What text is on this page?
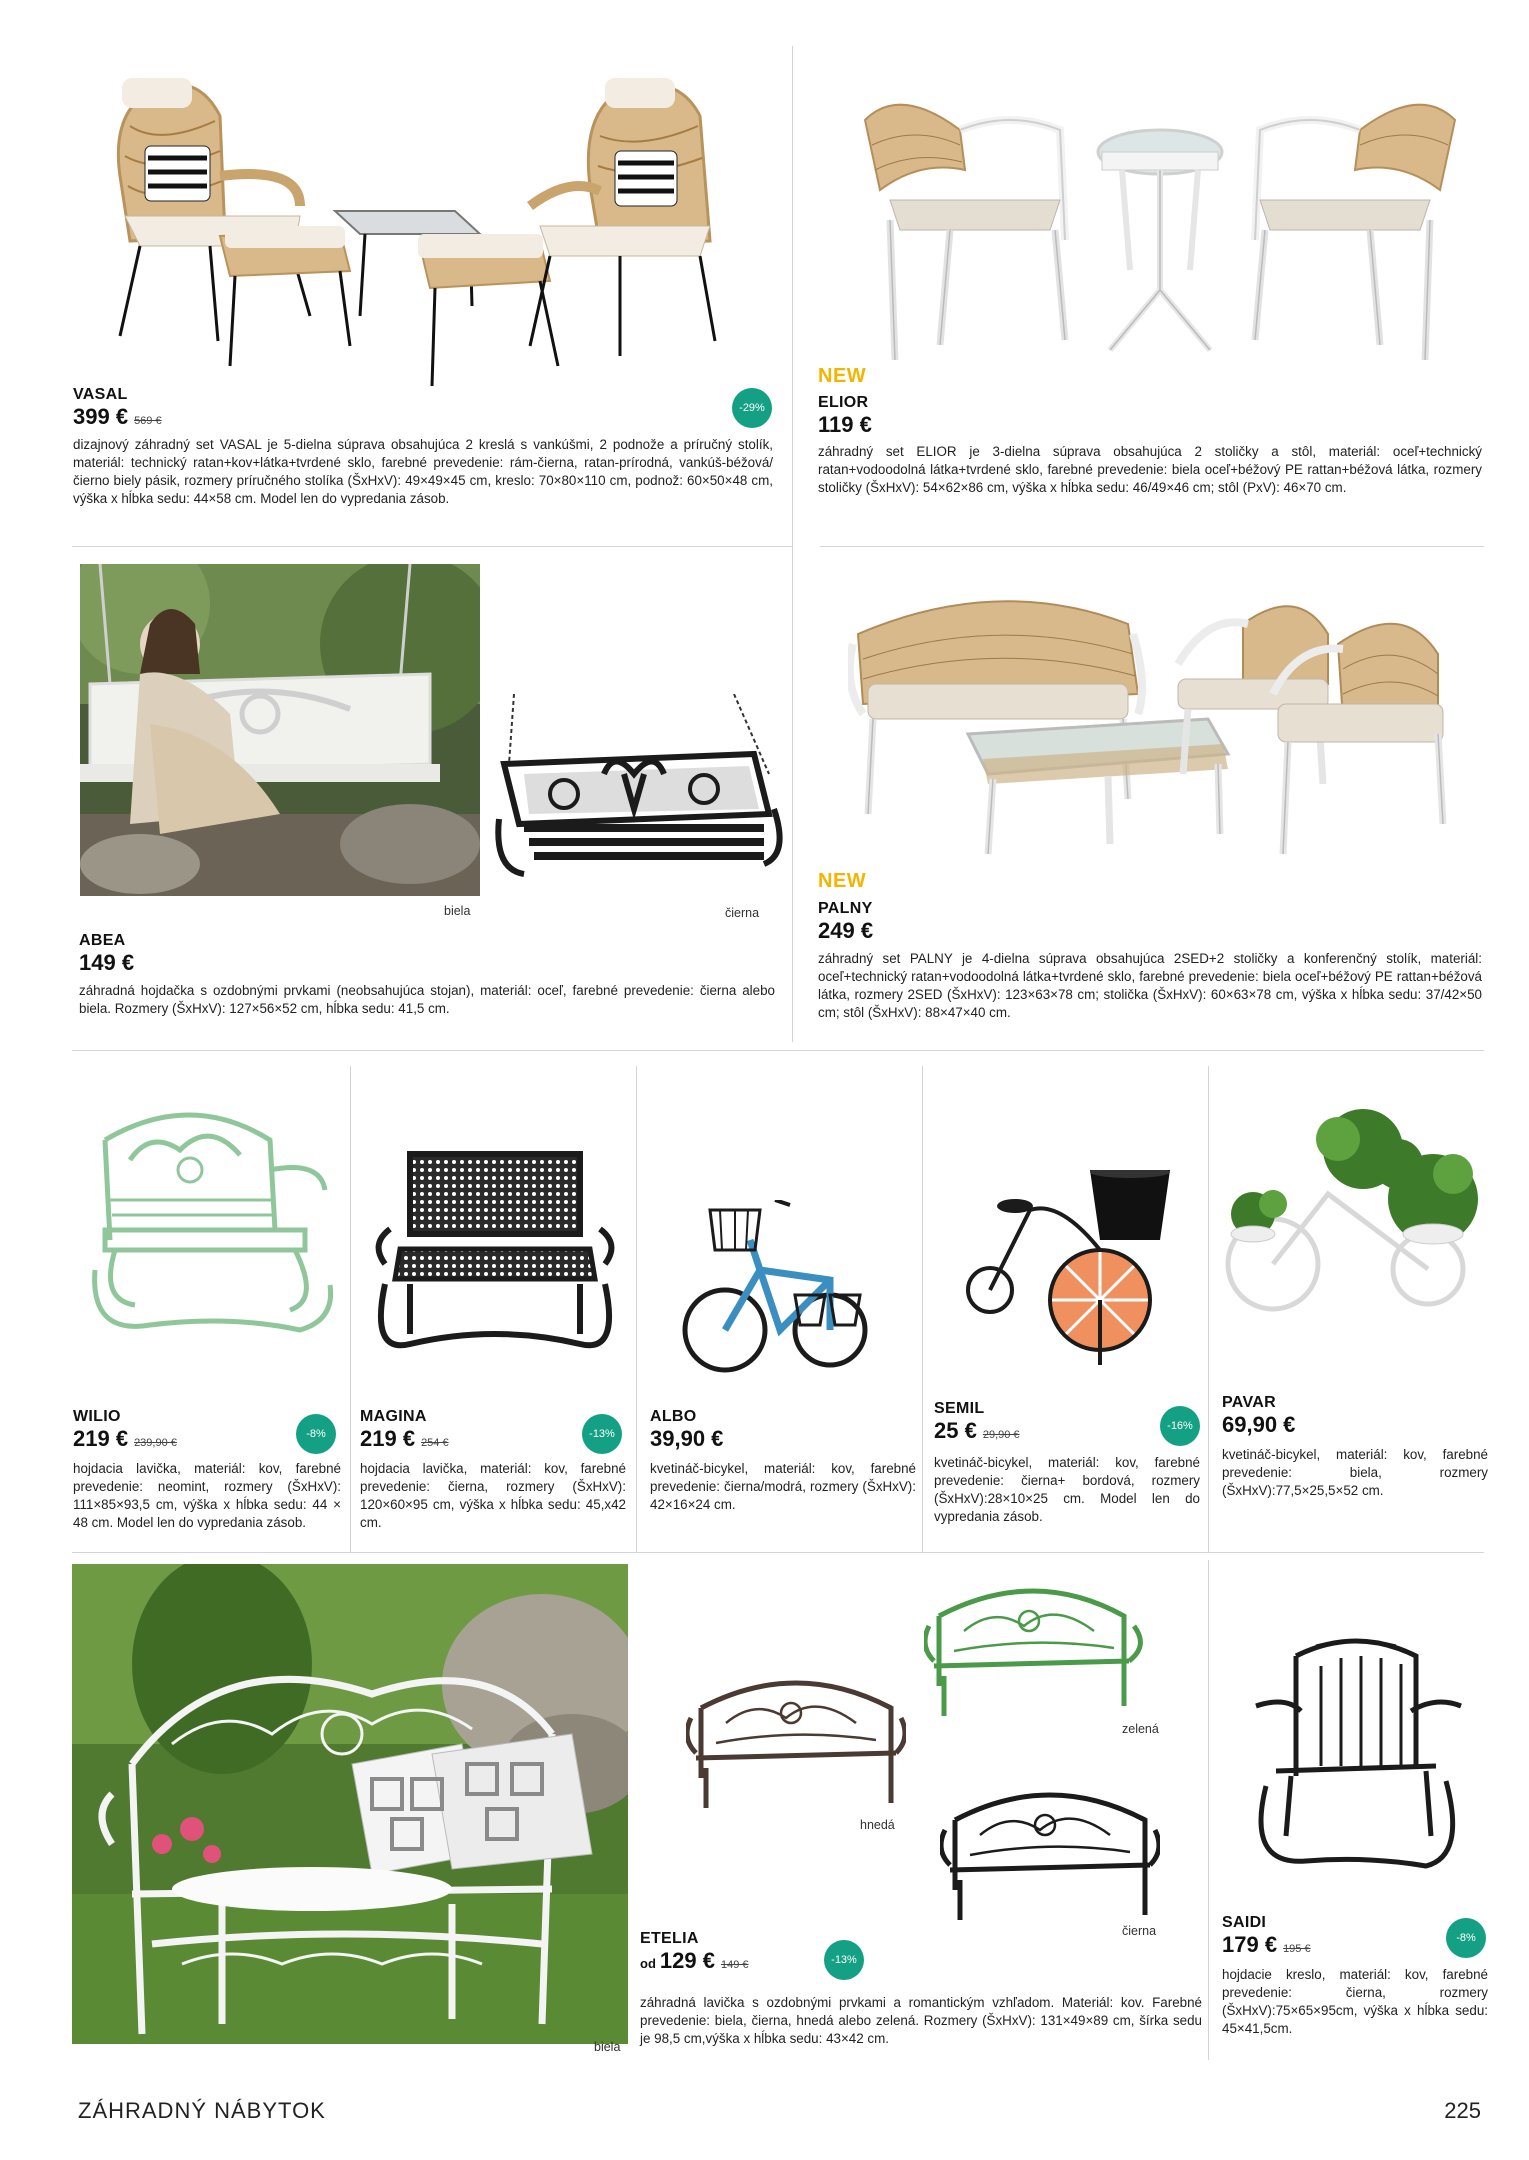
VASAL
399 € 569 €
-29%
dizajnový záhradný set VASAL je 5-dielna súprava obsahujúca 2 kreslá s vankúšmi, 2 podnože a príručný stolík, materiál: technický ratan+kov+látka+tvrdené sklo, farebné prevedenie: rám-čierna, ratan-prírodná, vankúš-béžová/čierno biely pásik, rozmery príručného stolíka (ŠxHxV): 49×49×45 cm, kreslo: 70×80×110 cm, podnož: 60×50×48 cm, výška x hĺbka sedu: 44×58 cm. Model len do vypredania zásob.
NEW
ELIOR
119 €
záhradný set ELIOR je 3-dielna súprava obsahujúca 2 stoličky a stôl, materiál: oceľ+technický ratan+vodoodolná látka+tvrdené sklo, farebné prevedenie: biela oceľ+béžový PE rattan+béžová látka, rozmery stoličky (ŠxHxV): 54×62×86 cm, výška x hĺbka sedu: 46/49×46 cm; stôl (PxV): 46×70 cm.
biela	čierna
ABEA
149 €
záhradná hojdačka s ozdobnými prvkami (neobsahujúca stojan), materiál: oceľ, farebné prevedenie: čierna alebo biela. Rozmery (ŠxHxV): 127×56×52 cm, hĺbka sedu: 41,5 cm.
NEW
PALNY
249 €
záhradný set PALNY je 4-dielna súprava obsahujúca 2SED+2 stoličky a konferenčný stolík, materiál: oceľ+technický ratan+vodoodolná látka+tvrdené sklo, farebné prevedenie: biela oceľ+béžový PE rattan+béžová látka, rozmery 2SED (ŠxHxV): 123×63×78 cm; stolička (ŠxHxV): 60×63×78 cm, výška x hĺbka sedu: 37/42×50 cm; stôl (ŠxHxV): 88×47×40 cm.
WILIO
219 € 239,90 €
-8%
hojdacia lavička, materiál: kov, farebné prevedenie: neomint, rozmery (ŠxHxV): 111×85×93,5 cm, výška x hĺbka sedu: 44 × 48 cm. Model len do vypredania zásob.
MAGINA
219 € 254 €
-13%
hojdacia lavička, materiál: kov, farebné prevedenie: čierna, rozmery (ŠxHxV): 120×60×95 cm, výška x hĺbka sedu: 45,x42 cm.
ALBO
39,90 €
kvetináč-bicykel, materiál: kov, farebné prevedenie: čierna/modrá, rozmery (ŠxHxV): 42×16×24 cm.
SEMIL
25 € 29,90 €
-16%
kvetináč-bicykel, materiál: kov, farebné prevedenie: čierna+ bordová, rozmery (ŠxHxV):28×10×25 cm. Model len do vypredania zásob.
PAVAR
69,90 €
kvetináč-bicykel, materiál: kov, farebné prevedenie: biela, rozmery (ŠxHxV):77,5×25,5×52 cm.
biela
zelená
hnedá
čierna
ETELIA
od 129 € 149 €	-13%
záhradná lavička s ozdobnými prvkami a romantickým vzhľadom. Materiál: kov. Farebné prevedenie: biela, čierna, hnedá alebo zelená. Rozmery (ŠxHxV): 131×49×89 cm, šírka sedu je 98,5 cm,výška x hĺbka sedu: 43×42 cm.
SAIDI
179 € 195 €
-8%
hojdacie kreslo, materiál: kov, farebné prevedenie: čierna, rozmery (ŠxHxV):75×65×95cm, výška x hĺbka sedu: 45×41,5cm.
ZÁHRADNÝ NÁBYTOK	225
